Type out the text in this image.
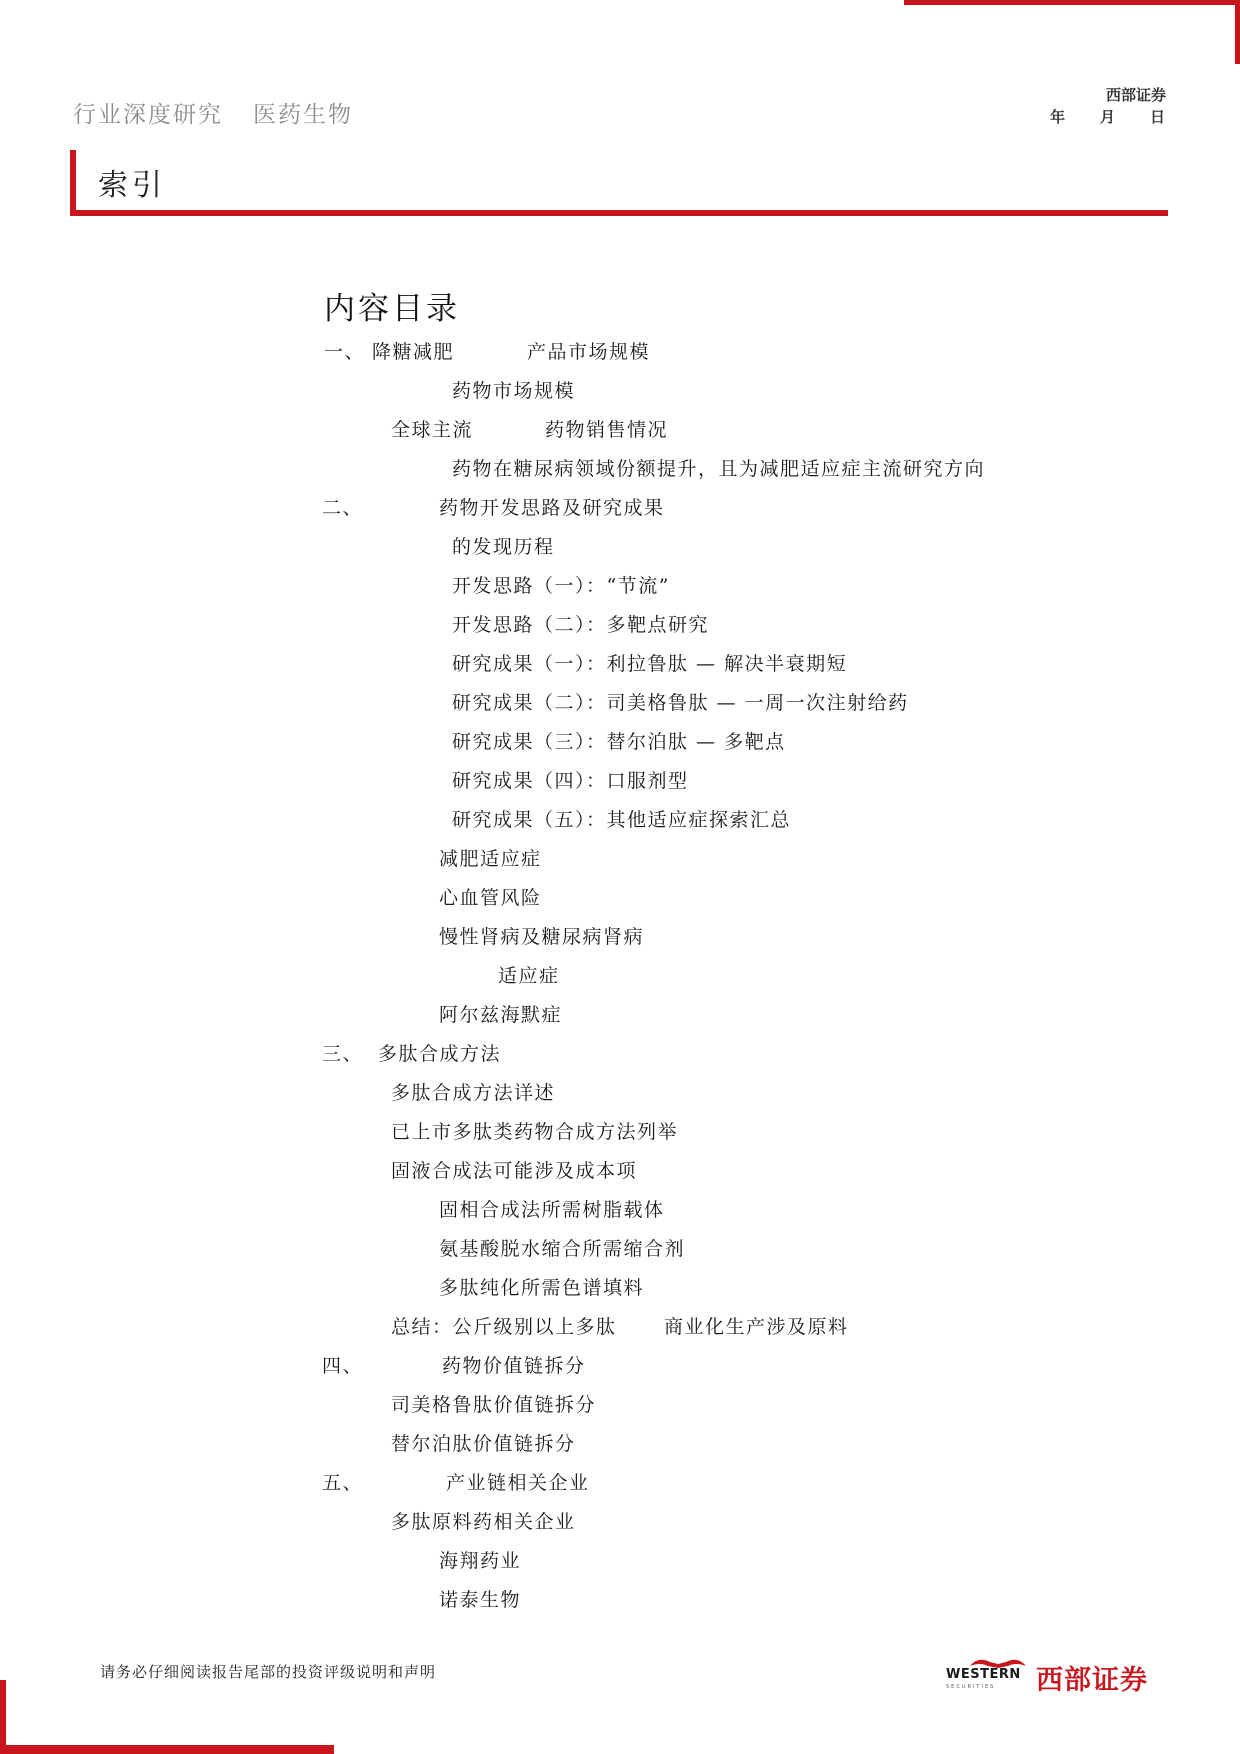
行业深度研究 医药生物
西部证券
年 月 日
索引
内容目录
一、 降糖减肥	产品市场规模
药物市场规模
全球主流	药物销售情况
药物在糖尿病领域份额提升，且为减肥适应症主流研究方向
二、	药物开发思路及研究成果
的发现历程
开发思路（一）：“节流”
开发思路（二）：多靶点研究
研究成果（一）：利拉鲁肽 — 解决半衰期短
研究成果（二）：司美格鲁肽 — 一周一次注射给药
研究成果（三）：替尔泊肽 — 多靶点
研究成果（四）：口服剂型
研究成果（五）：其他适应症探索汇总
减肥适应症
心血管风险
慢性肾病及糖尿病肾病
适应症
阿尔兹海默症
三、 多肽合成方法
多肽合成方法详述
已上市多肽类药物合成方法列举
固液合成法可能涉及成本项
固相合成法所需树脂载体
氨基酸脱水缩合所需缩合剂
多肽纯化所需色谱填料
总结：公斤级别以上多肽 商业化生产涉及原料
四、	药物价值链拆分
司美格鲁肽价值链拆分
替尔泊肽价值链拆分
五、	产业链相关企业
多肽原料药相关企业
海翔药业
诺泰生物
请务必仔细阅读报告尾部的投资评级说明和声明	WESTERN
SECURITIES 西部证券
